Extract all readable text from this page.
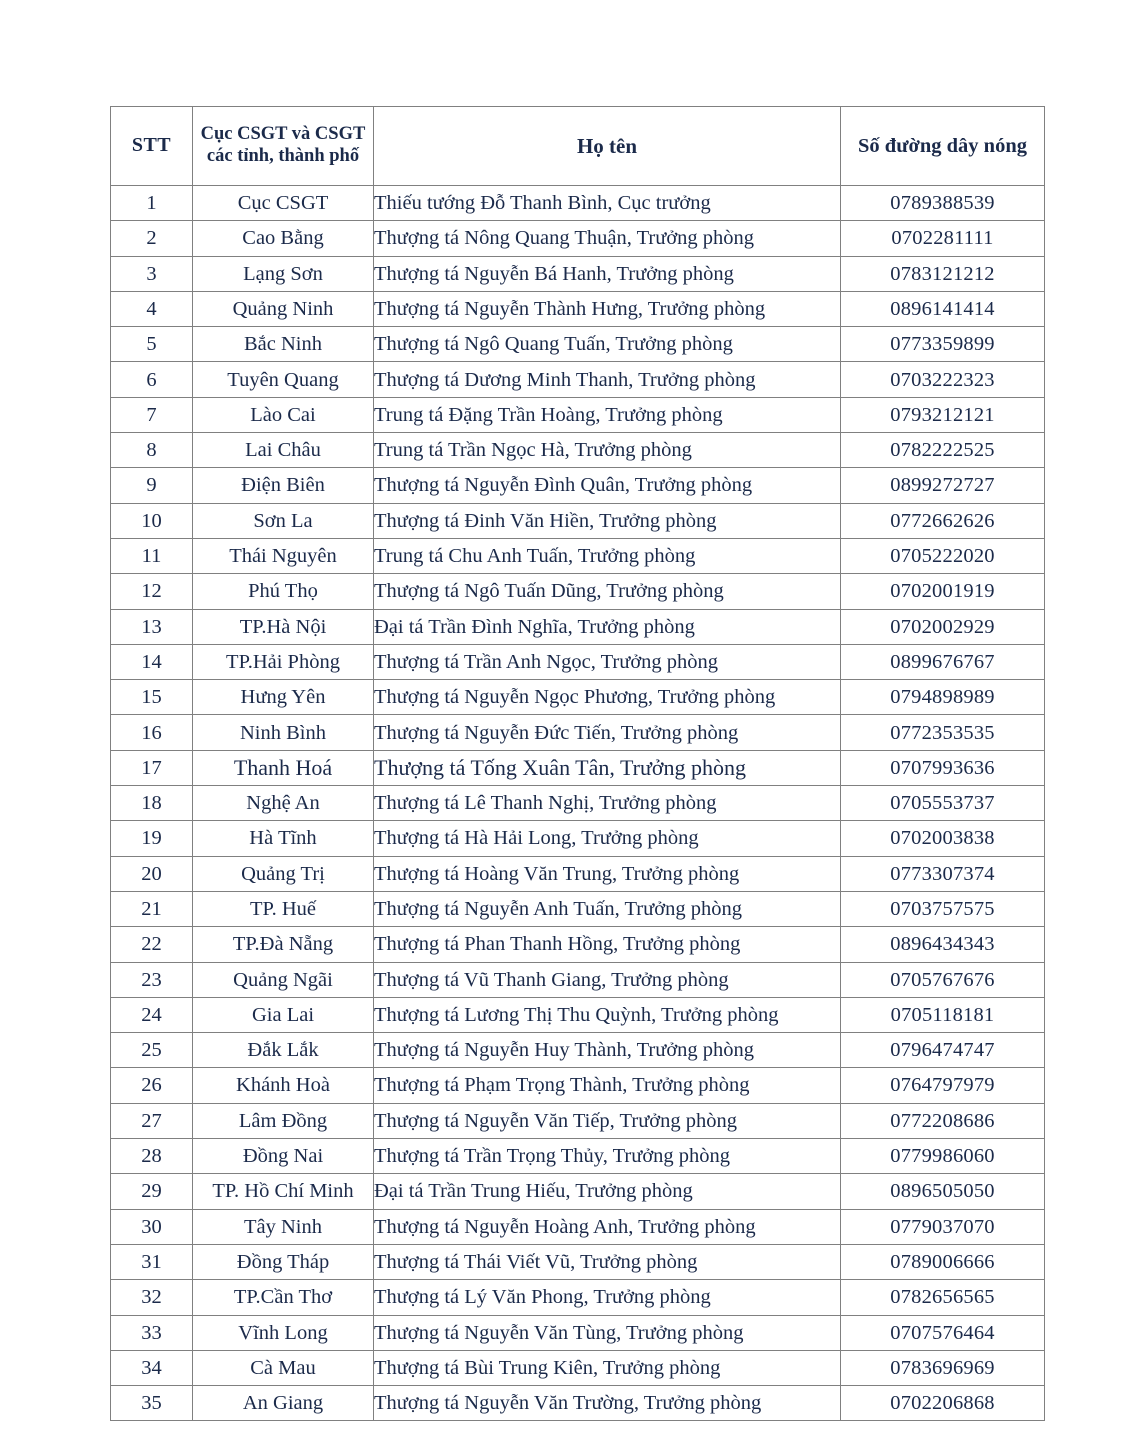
STT	Cục CSGT và CSGT các tỉnh, thành phố	Họ tên	Số đường dây nóng
1	Cục CSGT	Thiếu tướng Đỗ Thanh Bình, Cục trưởng	0789388539
2	Cao Bằng	Thượng tá Nông Quang Thuận, Trưởng phòng	0702281111
3	Lạng Sơn	Thượng tá Nguyễn Bá Hanh, Trưởng phòng	0783121212
4	Quảng Ninh	Thượng tá Nguyễn Thành Hưng, Trưởng phòng	0896141414
5	Bắc Ninh	Thượng tá Ngô Quang Tuấn, Trưởng phòng	0773359899
6	Tuyên Quang	Thượng tá Dương Minh Thanh, Trưởng phòng	0703222323
7	Lào Cai	Trung tá Đặng Trần Hoàng, Trưởng phòng	0793212121
8	Lai Châu	Trung tá Trần Ngọc Hà, Trưởng phòng	0782222525
9	Điện Biên	Thượng tá Nguyễn Đình Quân, Trưởng phòng	0899272727
10	Sơn La	Thượng tá Đinh Văn Hiền, Trưởng phòng	0772662626
11	Thái Nguyên	Trung tá Chu Anh Tuấn, Trưởng phòng	0705222020
12	Phú Thọ	Thượng tá Ngô Tuấn Dũng, Trưởng phòng	0702001919
13	TP.Hà Nội	Đại tá Trần Đình Nghĩa, Trưởng phòng	0702002929
14	TP.Hải Phòng	Thượng tá Trần Anh Ngọc, Trưởng phòng	0899676767
15	Hưng Yên	Thượng tá Nguyễn Ngọc Phương, Trưởng phòng	0794898989
16	Ninh Bình	Thượng tá Nguyễn Đức Tiến, Trưởng phòng	0772353535
17	Thanh Hoá	Thượng tá Tống Xuân Tân, Trưởng phòng	0707993636
18	Nghệ An	Thượng tá Lê Thanh Nghị, Trưởng phòng	0705553737
19	Hà Tĩnh	Thượng tá Hà Hải Long, Trưởng phòng	0702003838
20	Quảng Trị	Thượng tá Hoàng Văn Trung, Trưởng phòng	0773307374
21	TP. Huế	Thượng tá Nguyễn Anh Tuấn, Trưởng phòng	0703757575
22	TP.Đà Nẵng	Thượng tá Phan Thanh Hồng, Trưởng phòng	0896434343
23	Quảng Ngãi	Thượng tá Vũ Thanh Giang, Trưởng phòng	0705767676
24	Gia Lai	Thượng tá Lương Thị Thu Quỳnh, Trưởng phòng	0705118181
25	Đắk Lắk	Thượng tá Nguyễn Huy Thành, Trưởng phòng	0796474747
26	Khánh Hoà	Thượng tá Phạm Trọng Thành, Trưởng phòng	0764797979
27	Lâm Đồng	Thượng tá Nguyễn Văn Tiếp, Trưởng phòng	0772208686
28	Đồng Nai	Thượng tá Trần Trọng Thủy, Trưởng phòng	0779986060
29	TP. Hồ Chí Minh	Đại tá Trần Trung Hiếu, Trưởng phòng	0896505050
30	Tây Ninh	Thượng tá Nguyễn Hoàng Anh, Trưởng phòng	0779037070
31	Đồng Tháp	Thượng tá Thái Viết Vũ, Trưởng phòng	0789006666
32	TP.Cần Thơ	Thượng tá Lý Văn Phong, Trưởng phòng	0782656565
33	Vĩnh Long	Thượng tá Nguyễn Văn Tùng, Trưởng phòng	0707576464
34	Cà Mau	Thượng tá Bùi Trung Kiên, Trưởng phòng	0783696969
35	An Giang	Thượng tá Nguyễn Văn Trường, Trưởng phòng	0702206868
